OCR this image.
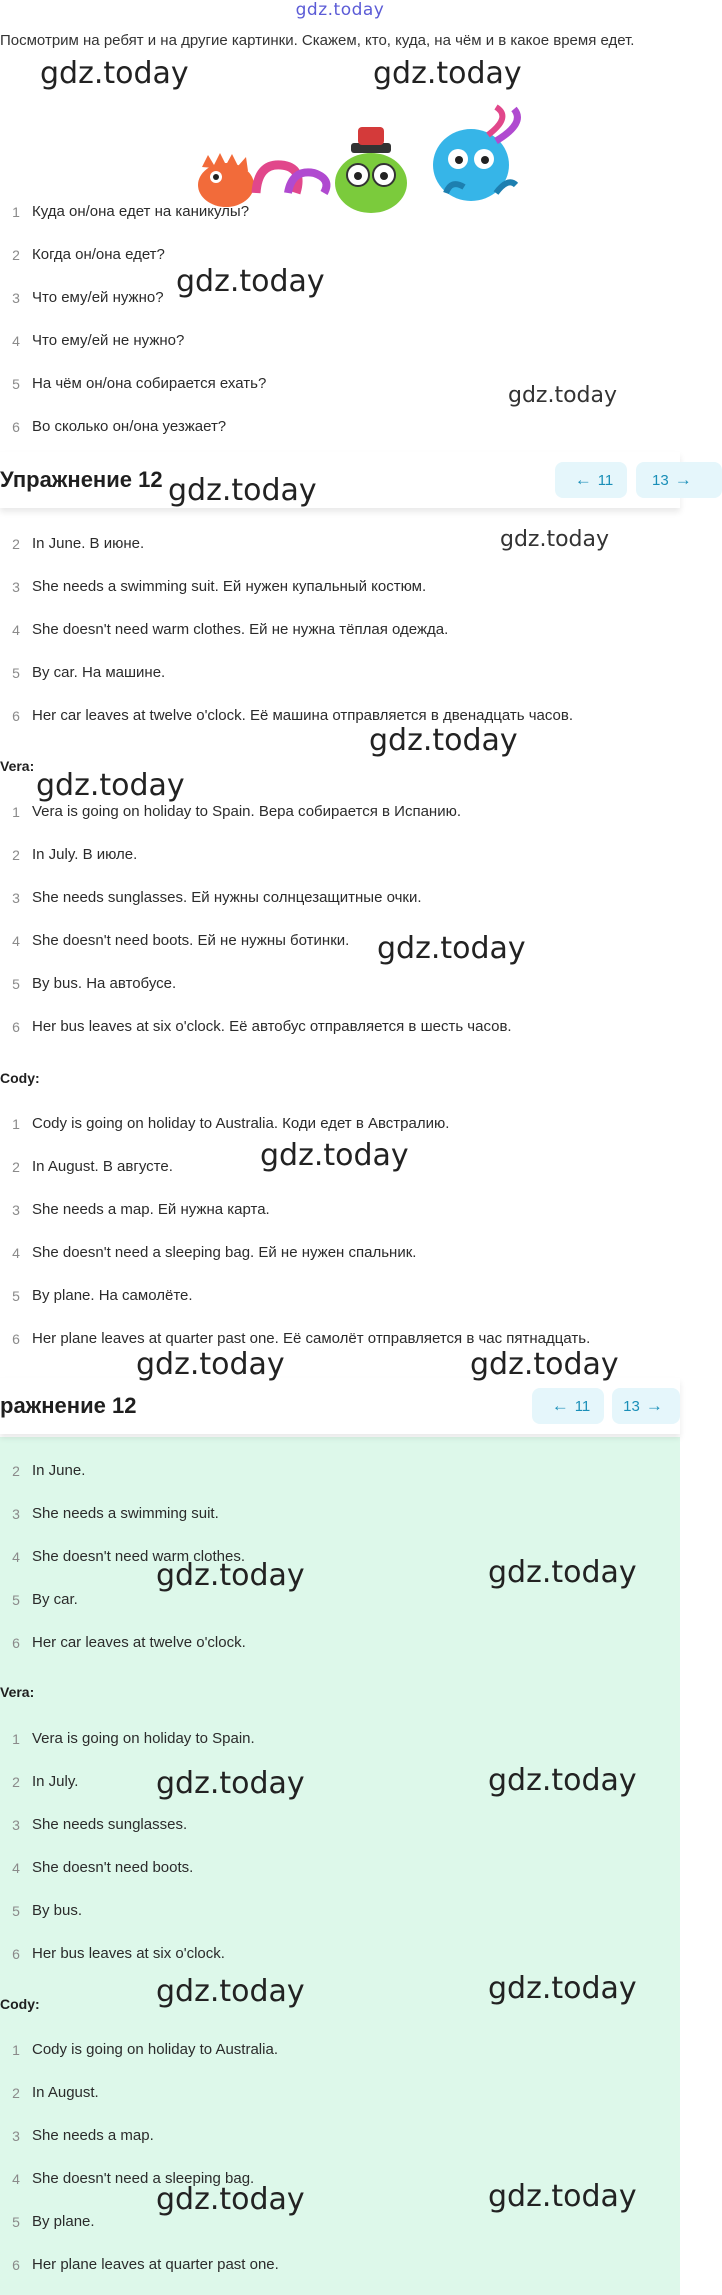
gdz.today
Посмотрим на ребят и на другие картинки. Скажем, кто, куда, на чём и в какое время едет.
1 Куда он/она едет на каникулы?
2 Когда он/она едет?
3 Что ему/ей нужно?
4 Что ему/ей не нужно?
5 На чём он/она собирается ехать?
6 Во сколько он/она уезжает?
Упражнение 12	← 11	13 →
2 In June. В июне.
3 She needs a swimming suit. Ей нужен купальный костюм.
4 She doesn't need warm clothes. Ей не нужна тёплая одежда.
5 By car. На машине.
6 Her car leaves at twelve o'clock. Её машина отправляется в двенадцать часов.
Vera:
1 Vera is going on holiday to Spain. Вера собирается в Испанию.
2 In July. В июле.
3 She needs sunglasses. Ей нужны солнцезащитные очки.
4 She doesn't need boots. Ей не нужны ботинки.
5 By bus. На автобусе.
6 Her bus leaves at six o'clock. Её автобус отправляется в шесть часов.
Cody:
1 Cody is going on holiday to Australia. Коди едет в Австралию.
2 In August. В августе.
3 She needs a map. Ей нужна карта.
4 She doesn't need a sleeping bag. Ей не нужен спальник.
5 By plane. На самолёте.
6 Her plane leaves at quarter past one. Её самолёт отправляется в час пятнадцать.
ражнение 12	← 11 13 →
2 In June.
3 She needs a swimming suit.
4 She doesn't need warm clothes.
5 By car.
6 Her car leaves at twelve o'clock.
Vera:
1 Vera is going on holiday to Spain.
2 In July.
3 She needs sunglasses.
4 She doesn't need boots.
5 By bus.
6 Her bus leaves at six o'clock.
Cody:
1 Cody is going on holiday to Australia.
2 In August.
3 She needs a map.
4 She doesn't need a sleeping bag.
5 By plane.
6 Her plane leaves at quarter past one.
gdz.today	gdz.today
gdz.today
gdz.today
gdz.today
gdz.today
gdz.today
gdz.today
gdz.today
gdz.today
gdz.today	gdz.today
gdz.today	gdz.today
gdz.today	gdz.today
gdz.today	gdz.today
gdz.today	gdz.today
